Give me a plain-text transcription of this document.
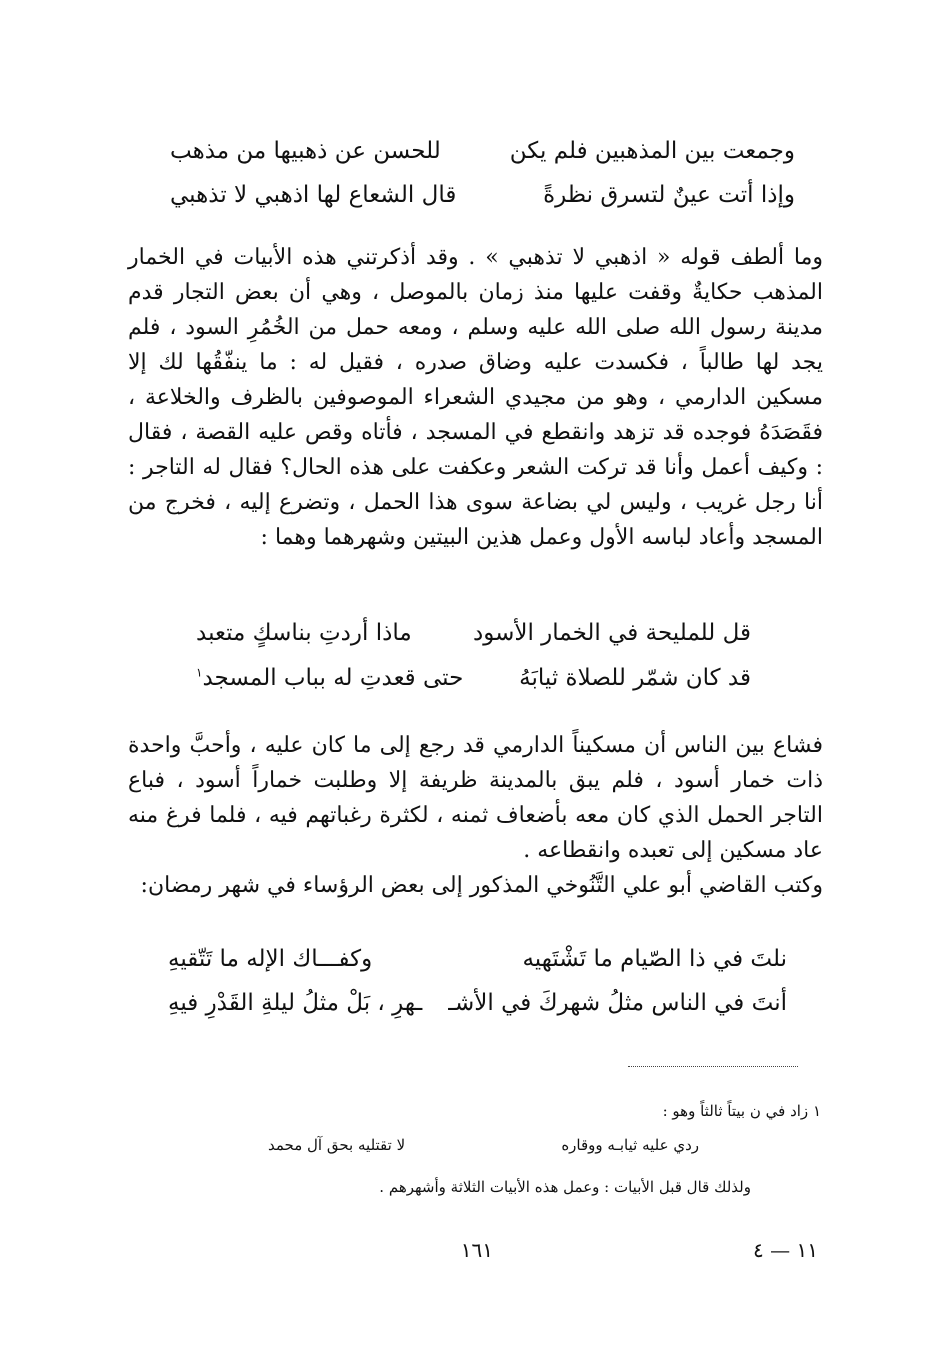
وجمعت بين المذهبين فلم يكن
للحسن عن ذهبيها من مذهب
وإذا أتت عينٌ لتسرق نظرةً
قال الشعاع لها اذهبي لا تذهبي

وما ألطف قوله « اذهبي لا تذهبي » . وقد أذكرتني هذه الأبيات في الخمار المذهب حكايةٌ وقفت عليها منذ زمان بالموصل ، وهي أن بعض التجار قدم مدينة رسول الله صلى الله عليه وسلم ، ومعه حمل من الخُمُرِ السود ، فلم يجد لها طالباً ، فكسدت عليه وضاق صدره ، فقيل له : ما ينفّقُها لك إلا مسكين الدارمي ، وهو من مجيدي الشعراء الموصوفين بالظرف والخلاعة ، فقَصَدَهُ فوجده قد تزهد وانقطع في المسجد ، فأتاه وقص عليه القصة ، فقال : وكيف أعمل وأنا قد تركت الشعر وعكفت على هذه الحال؟ فقال له التاجر : أنا رجل غريب ، وليس لي بضاعة سوى هذا الحمل ، وتضرع إليه ، فخرج من المسجد وأعاد لباسه الأول وعمل هذين البيتين وشهرهما وهما :

قل للمليحة في الخمار الأسود
ماذا أردتِ بناسكٍ متعبد
قد كان شمّر للصلاة ثيابَهُ
حتى قعدتِ له بباب المسجد$^١$

فشاع بين الناس أن مسكيناً الدارمي قد رجع إلى ما كان عليه ، وأحبَّ واحدة ذات خمار أسود ، فلم يبق بالمدينة ظريفة إلا وطلبت خماراً أسود ، فباع التاجر الحمل الذي كان معه بأضعاف ثمنه ، لكثرة رغباتهم فيه ، فلما فرغ منه عاد مسكين إلى تعبده وانقطاعه .

وكتب القاضي أبو علي التَّنُوخي المذكور إلى بعض الرؤساء في شهر رمضان:

نلتَ في ذا الصّيام ما تَشْتَهيه
وكفـــاك الإله ما تَتّقيهِ
أنتَ في الناس مثلُ شهركَ في الأشـ
ـهرِ ، بَلْ مثلُ ليلةِ القَدْرِ فيهِ
١ زاد في ن بيتاً ثالثاً وهو :
ردي عليه ثيابـه ووقاره
لا تقتليه بحق آل محمد
ولذلك قال قبل الأبيات : وعمل هذه الأبيات الثلاثة وأشهرهم .
١٦١	١١ — ٤
